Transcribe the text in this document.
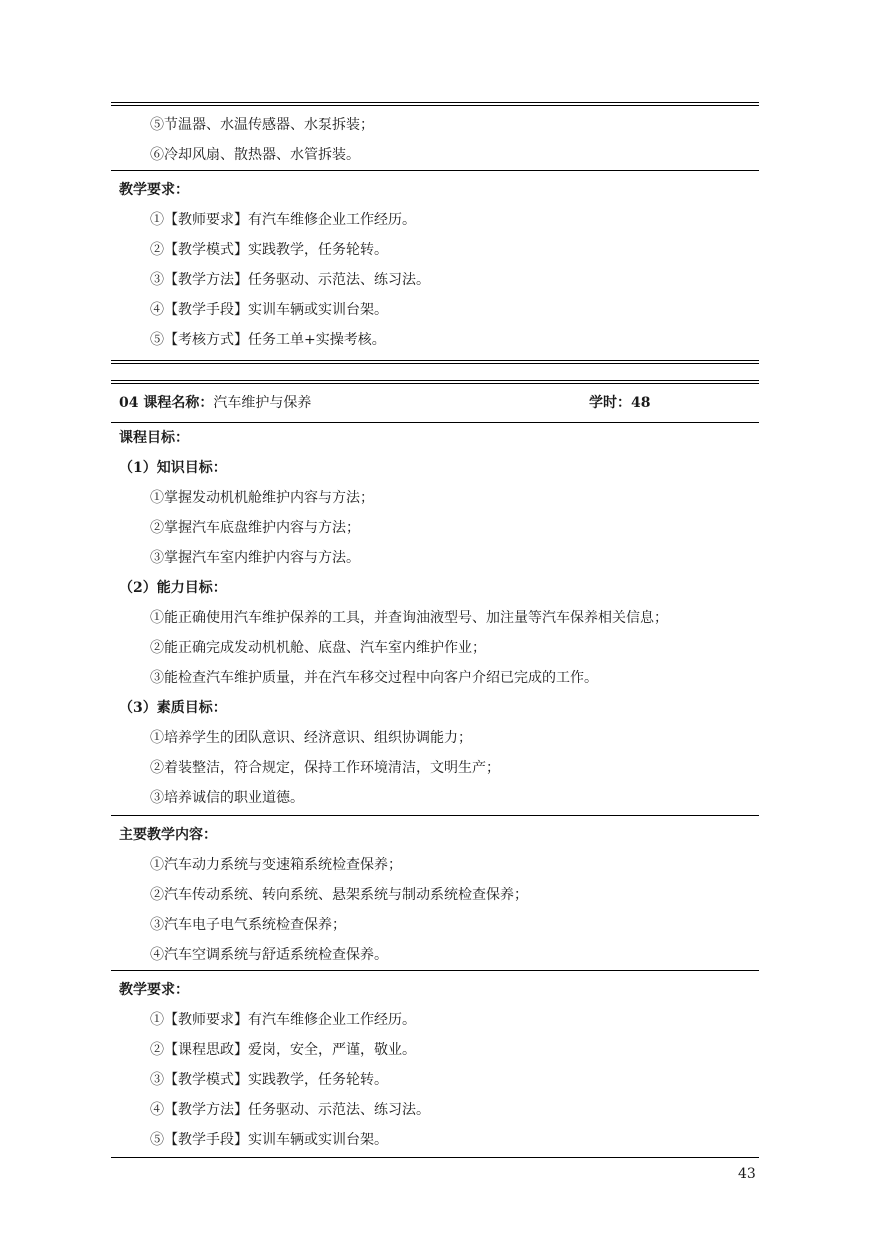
⑤节温器、水温传感器、水泵拆装；
⑥冷却风扇、散热器、水管拆装。
教学要求：
①【教师要求】有汽车维修企业工作经历。
②【教学模式】实践教学，任务轮转。
③【教学方法】任务驱动、示范法、练习法。
④【教学手段】实训车辆或实训台架。
⑤【考核方式】任务工单+实操考核。
04 课程名称：汽车维护与保养	学时：48
课程目标：
（1）知识目标：
①掌握发动机机舱维护内容与方法；
②掌握汽车底盘维护内容与方法；
③掌握汽车室内维护内容与方法。
（2）能力目标：
①能正确使用汽车维护保养的工具，并查询油液型号、加注量等汽车保养相关信息；
②能正确完成发动机机舱、底盘、汽车室内维护作业；
③能检查汽车维护质量，并在汽车移交过程中向客户介绍已完成的工作。
（3）素质目标：
①培养学生的团队意识、经济意识、组织协调能力；
②着装整洁，符合规定，保持工作环境清洁，文明生产；
③培养诚信的职业道德。
主要教学内容：
①汽车动力系统与变速箱系统检查保养；
②汽车传动系统、转向系统、悬架系统与制动系统检查保养；
③汽车电子电气系统检查保养；
④汽车空调系统与舒适系统检查保养。
教学要求：
①【教师要求】有汽车维修企业工作经历。
②【课程思政】爱岗，安全，严谨，敬业。
③【教学模式】实践教学，任务轮转。
④【教学方法】任务驱动、示范法、练习法。
⑤【教学手段】实训车辆或实训台架。
43
